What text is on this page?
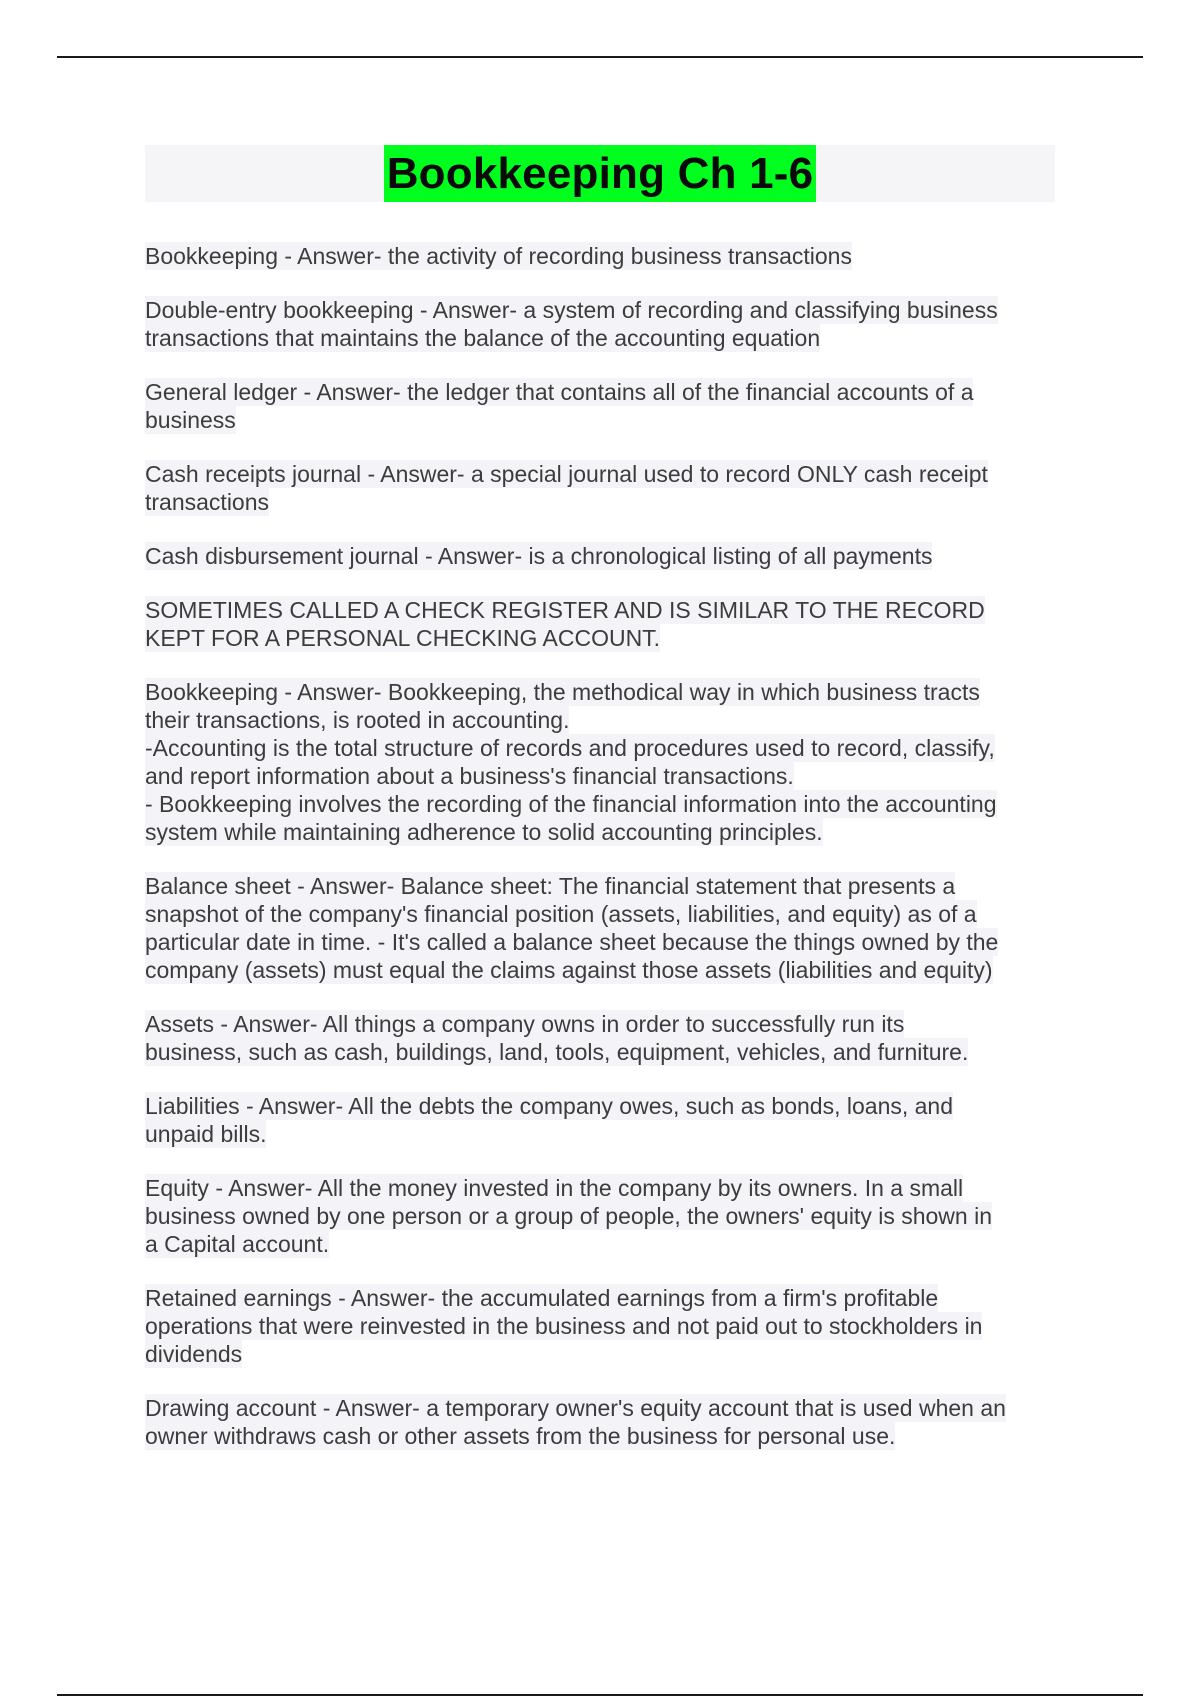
Bookkeeping Ch 1-6
Bookkeeping - Answer- the activity of recording business transactions
Double-entry bookkeeping - Answer- a system of recording and classifying business
transactions that maintains the balance of the accounting equation
General ledger - Answer- the ledger that contains all of the financial accounts of a
business
Cash receipts journal - Answer- a special journal used to record ONLY cash receipt
transactions
Cash disbursement journal - Answer- is a chronological listing of all payments
SOMETIMES CALLED A CHECK REGISTER AND IS SIMILAR TO THE RECORD
KEPT FOR A PERSONAL CHECKING ACCOUNT.
Bookkeeping - Answer- Bookkeeping, the methodical way in which business tracts
their transactions, is rooted in accounting.
-Accounting is the total structure of records and procedures used to record, classify,
and report information about a business's financial transactions.
- Bookkeeping involves the recording of the financial information into the accounting
system while maintaining adherence to solid accounting principles.
Balance sheet - Answer- Balance sheet: The financial statement that presents a
snapshot of the company's financial position (assets, liabilities, and equity) as of a
particular date in time. - It's called a balance sheet because the things owned by the
company (assets) must equal the claims against those assets (liabilities and equity)
Assets - Answer- All things a company owns in order to successfully run its
business, such as cash, buildings, land, tools, equipment, vehicles, and furniture.
Liabilities - Answer- All the debts the company owes, such as bonds, loans, and
unpaid bills.
Equity - Answer- All the money invested in the company by its owners. In a small
business owned by one person or a group of people, the owners' equity is shown in
a Capital account.
Retained earnings - Answer- the accumulated earnings from a firm's profitable
operations that were reinvested in the business and not paid out to stockholders in
dividends
Drawing account - Answer- a temporary owner's equity account that is used when an
owner withdraws cash or other assets from the business for personal use.
